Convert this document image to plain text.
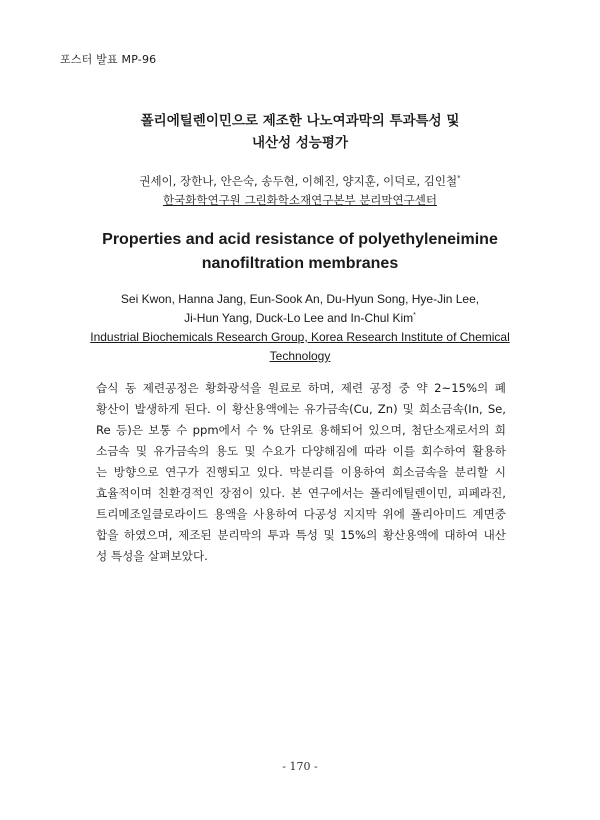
포스터 발표 MP-96
폴리에틸렌이민으로 제조한 나노여과막의 투과특성 및
내산성 성능평가
권세이, 장한나, 안은숙, 송두현, 이혜진, 양지훈, 이덕로, 김인철*
한국화학연구원 그린화학소재연구본부 분리막연구센터
Properties and acid resistance of polyethyleneimine
nanofiltration membranes
Sei Kwon, Hanna Jang, Eun-Sook An, Du-Hyun Song, Hye-Jin Lee,
Ji-Hun Yang, Duck-Lo Lee and In-Chul Kim*
Industrial Biochemicals Research Group, Korea Research Institute of Chemical
Technology

습식 동 제련공정은 황화광석을 원료로 하며, 제련 공정 중 약 2~15%의 폐
황산이 발생하게 된다. 이 황산용액에는 유가금속(Cu, Zn) 및 희소금속(In, Se,
Re 등)은 보통 수 ppm에서 수 % 단위로 용해되어 있으며, 첨단소재로서의 희
소금속 및 유가금속의 용도 및 수요가 다양해짐에 따라 이를 회수하여 활용하
는 방향으로 연구가 진행되고 있다. 막분리를 이용하여 희소금속을 분리할 시
효율적이며 친환경적인 장점이 있다. 본 연구에서는 폴리에틸렌이민, 피페라진,
트리메조일클로라이드 용액을 사용하여 다공성 지지막 위에 폴리아미드 계면중
합을 하였으며, 제조된 분리막의 투과 특성 및 15%의 황산용액에 대하여 내산
성 특성을 살펴보았다.

- 170 -
